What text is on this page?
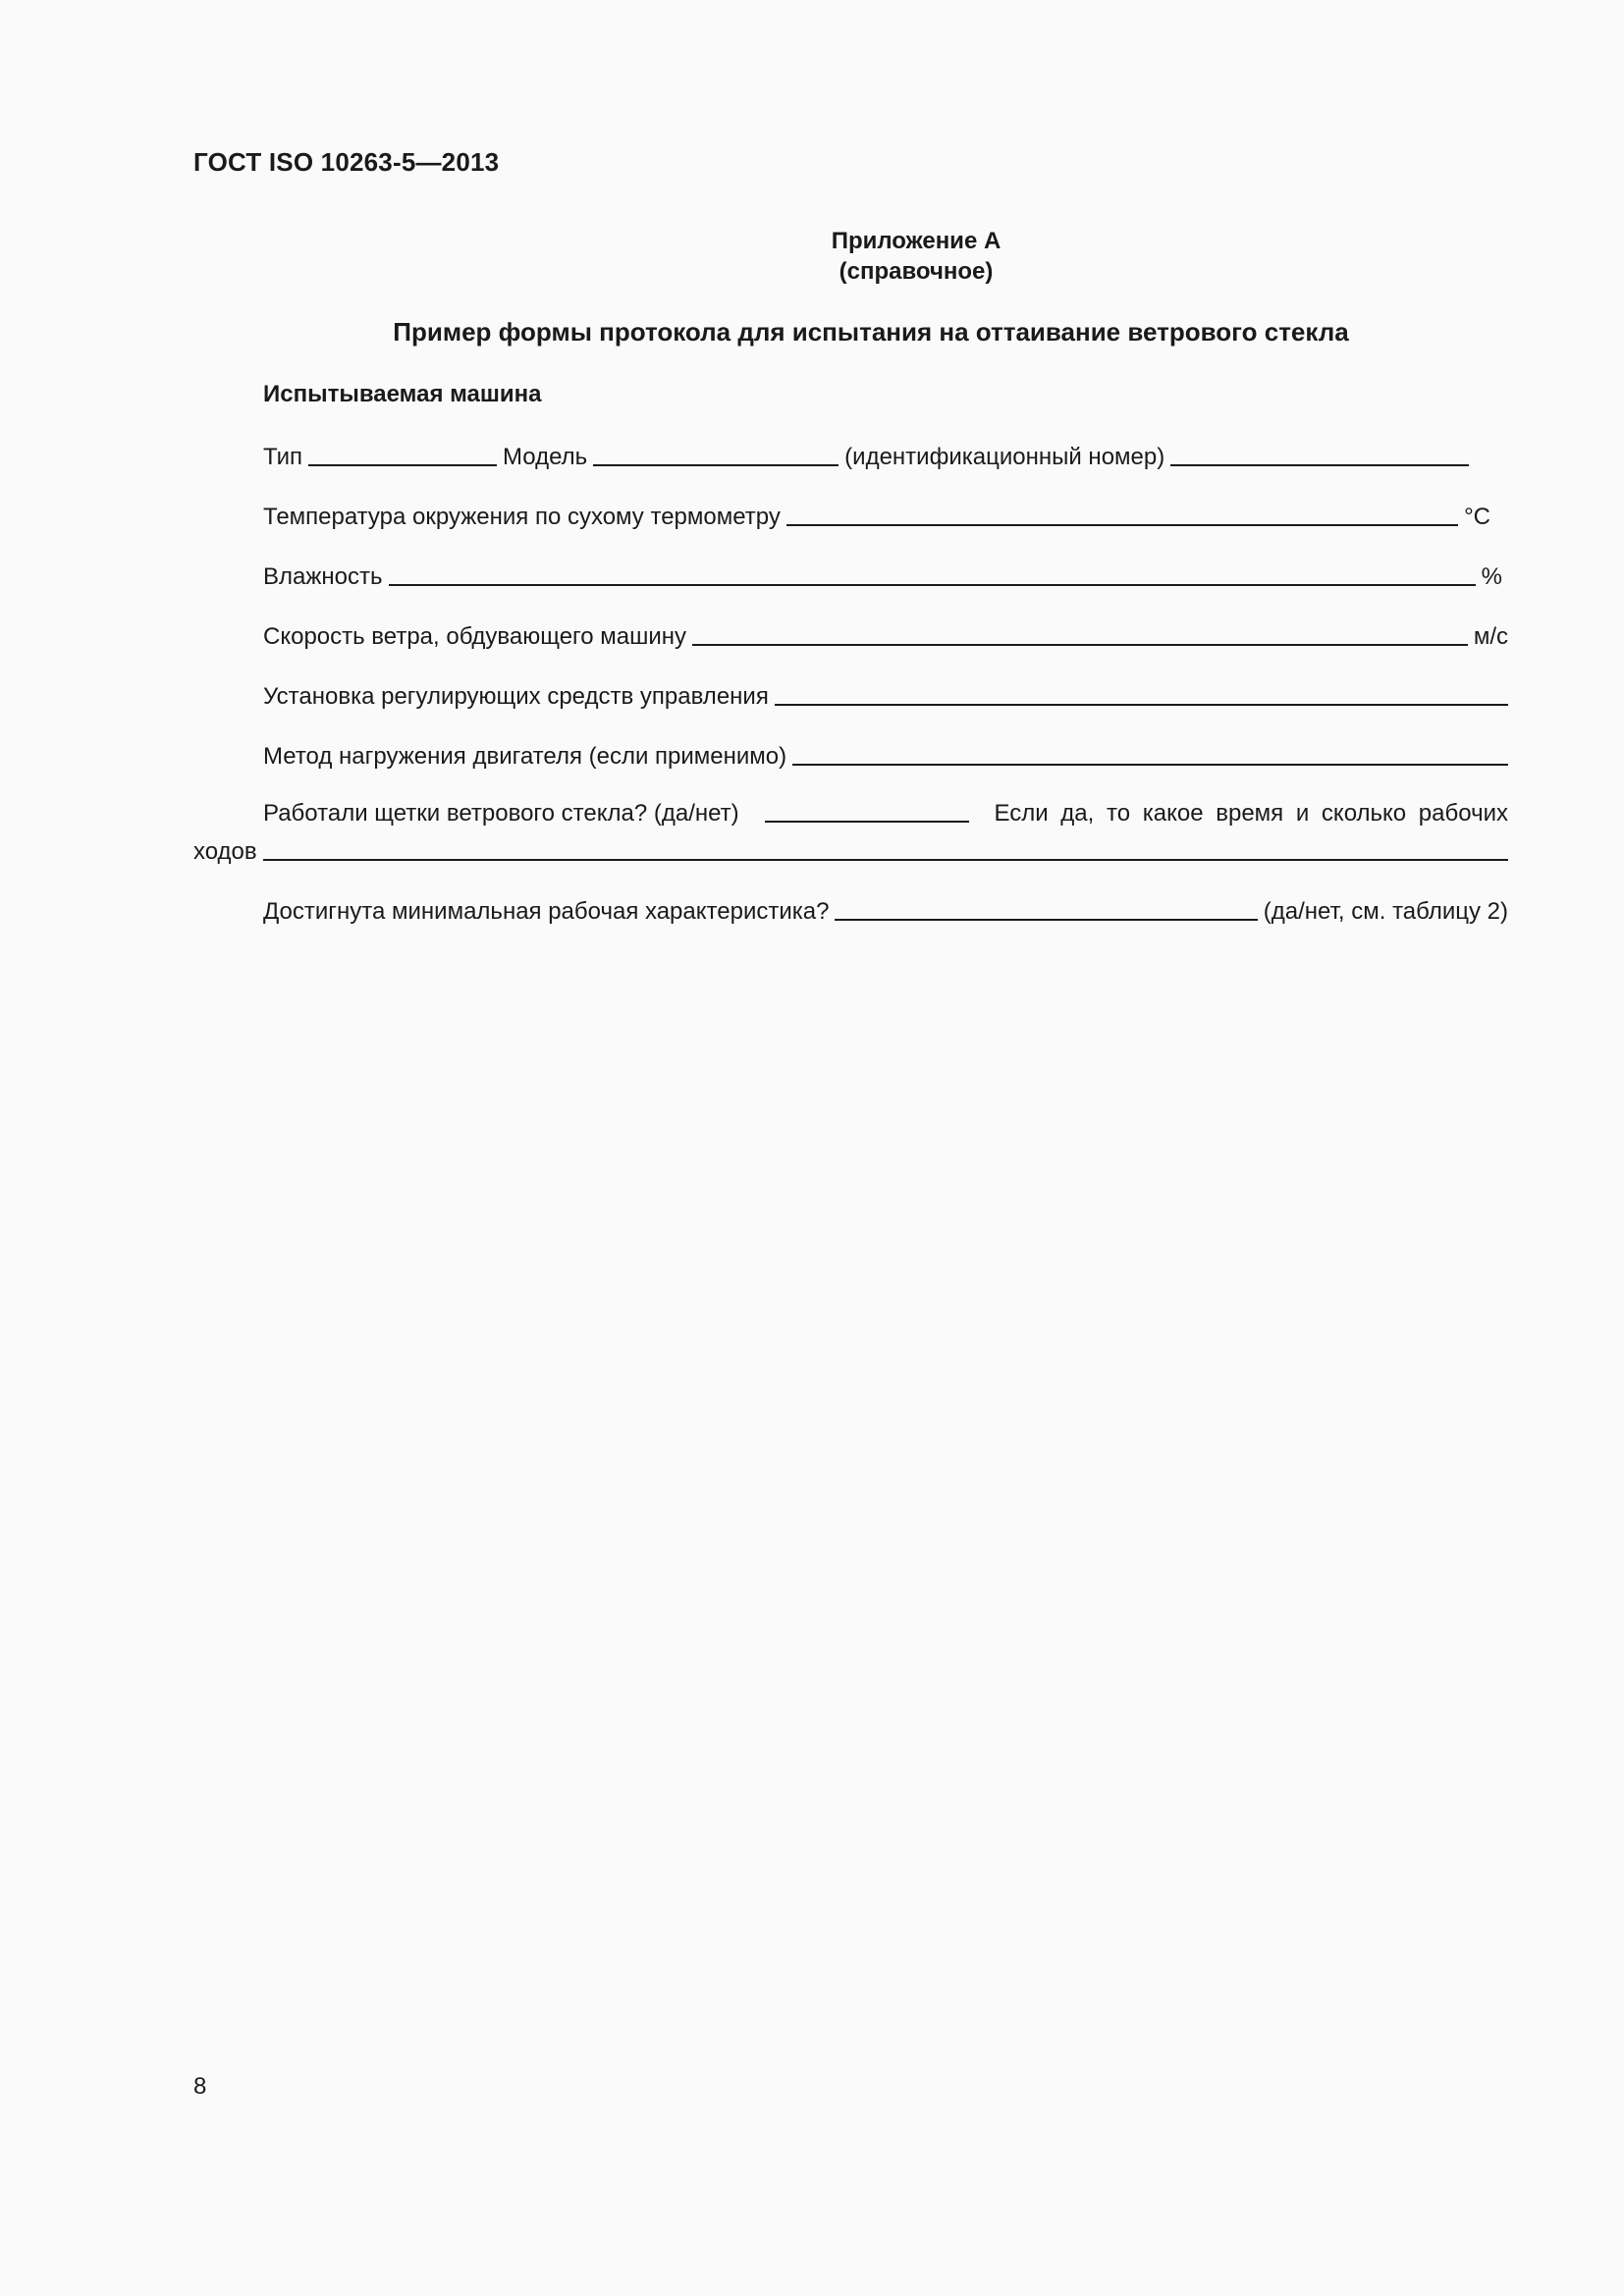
ГОСТ ISO 10263-5—2013
Приложение А
(справочное)
Пример формы протокола для испытания на оттаивание ветрового стекла
Испытываемая машина
Тип	Модель	(идентификационный номер)
Температура окружения по сухому термометру	°C
Влажность	%
Скорость ветра, обдувающего машину	м/с
Установка регулирующих средств управления
Метод нагружения двигателя (если применимо)
Работали щетки ветрового стекла? (да/нет)	Если да, то какое время и сколько рабочих
ходов
Достигнута минимальная рабочая характеристика?	(да/нет, см. таблицу 2)
8
